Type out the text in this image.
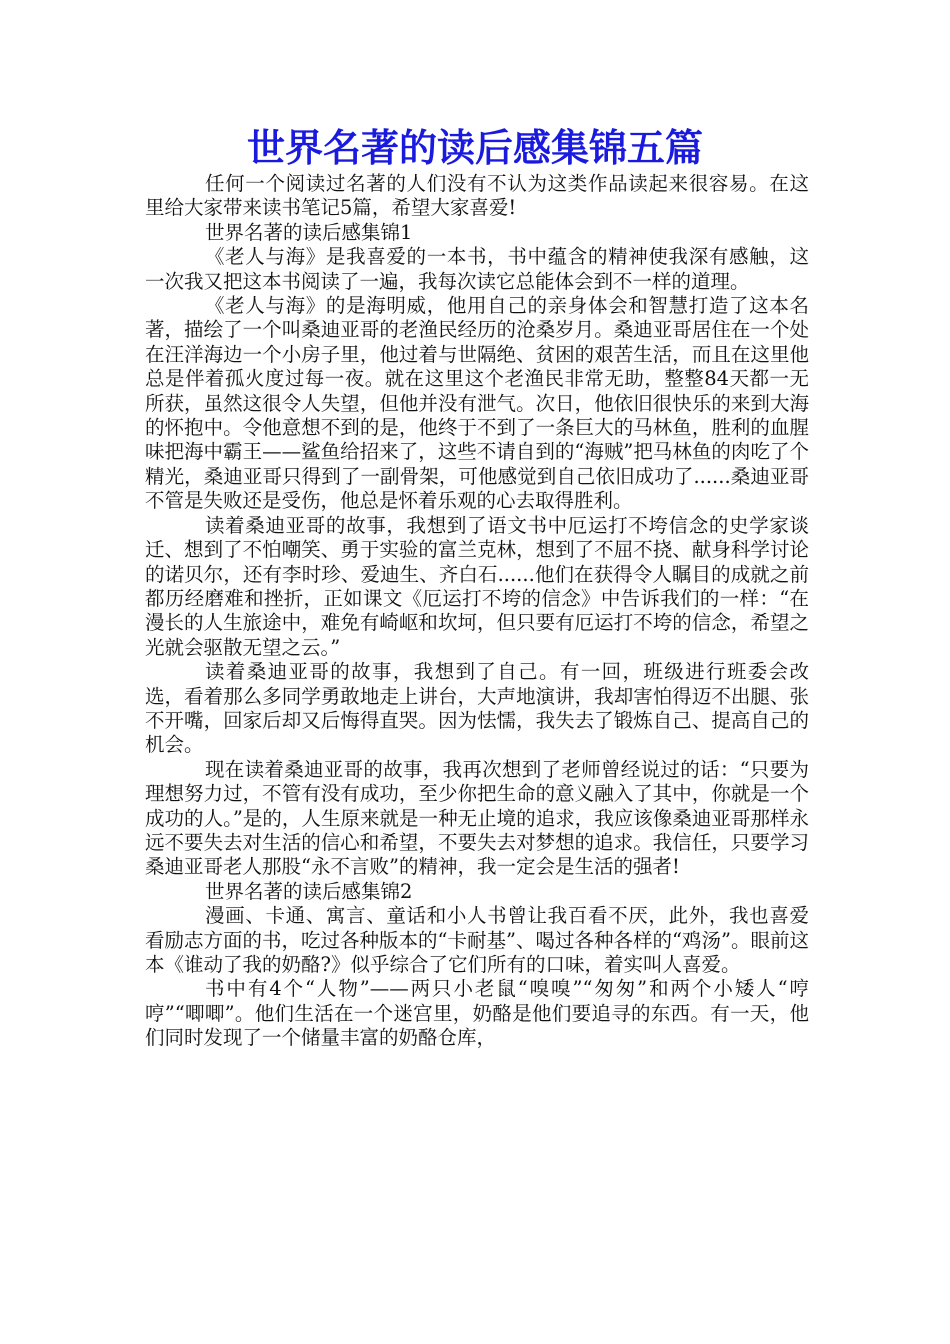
世界名著的读后感集锦五篇

任何一个阅读过名著的人们没有不认为这类作品读起来很容易。在这里给大家带来读书笔记5篇，希望大家喜爱!

世界名著的读后感集锦1

《老人与海》是我喜爱的一本书，书中蕴含的精神使我深有感触，这一次我又把这本书阅读了一遍，我每次读它总能体会到不一样的道理。

《老人与海》的是海明威，他用自己的亲身体会和智慧打造了这本名著，描绘了一个叫桑迪亚哥的老渔民经历的沧桑岁月。桑迪亚哥居住在一个处在汪洋海边一个小房子里，他过着与世隔绝、贫困的艰苦生活，而且在这里他总是伴着孤火度过每一夜。就在这里这个老渔民非常无助，整整84天都一无所获，虽然这很令人失望，但他并没有泄气。次日，他依旧很快乐的来到大海的怀抱中。令他意想不到的是，他终于不到了一条巨大的马林鱼，胜利的血腥味把海中霸王——鲨鱼给招来了，这些不请自到的“海贼”把马林鱼的肉吃了个精光，桑迪亚哥只得到了一副骨架，可他感觉到自己依旧成功了......桑迪亚哥不管是失败还是受伤，他总是怀着乐观的心去取得胜利。

读着桑迪亚哥的故事，我想到了语文书中厄运打不垮信念的史学家谈迁、想到了不怕嘲笑、勇于实验的富兰克林，想到了不屈不挠、献身科学讨论的诺贝尔，还有李时珍、爱迪生、齐白石......他们在获得令人瞩目的成就之前都历经磨难和挫折，正如课文《厄运打不垮的信念》中告诉我们的一样：“在漫长的人生旅途中，难免有崎岖和坎坷，但只要有厄运打不垮的信念，希望之光就会驱散无望之云。”

读着桑迪亚哥的故事，我想到了自己。有一回，班级进行班委会改选，看着那么多同学勇敢地走上讲台，大声地演讲，我却害怕得迈不出腿、张不开嘴，回家后却又后悔得直哭。因为怯懦，我失去了锻炼自己、提高自己的机会。

现在读着桑迪亚哥的故事，我再次想到了老师曾经说过的话：“只要为理想努力过，不管有没有成功，至少你把生命的意义融入了其中，你就是一个成功的人。”是的，人生原来就是一种无止境的追求，我应该像桑迪亚哥那样永远不要失去对生活的信心和希望，不要失去对梦想的追求。我信任，只要学习桑迪亚哥老人那股“永不言败”的精神，我一定会是生活的强者!

世界名著的读后感集锦2

漫画、卡通、寓言、童话和小人书曾让我百看不厌，此外，我也喜爱看励志方面的书，吃过各种版本的“卡耐基”、喝过各种各样的“鸡汤”。眼前这本《谁动了我的奶酪?》似乎综合了它们所有的口味，着实叫人喜爱。

书中有4个“人物”——两只小老鼠“嗅嗅”“匆匆”和两个小矮人“哼哼”“唧唧”。他们生活在一个迷宫里，奶酪是他们要追寻的东西。有一天，他们同时发现了一个储量丰富的奶酪仓库，
